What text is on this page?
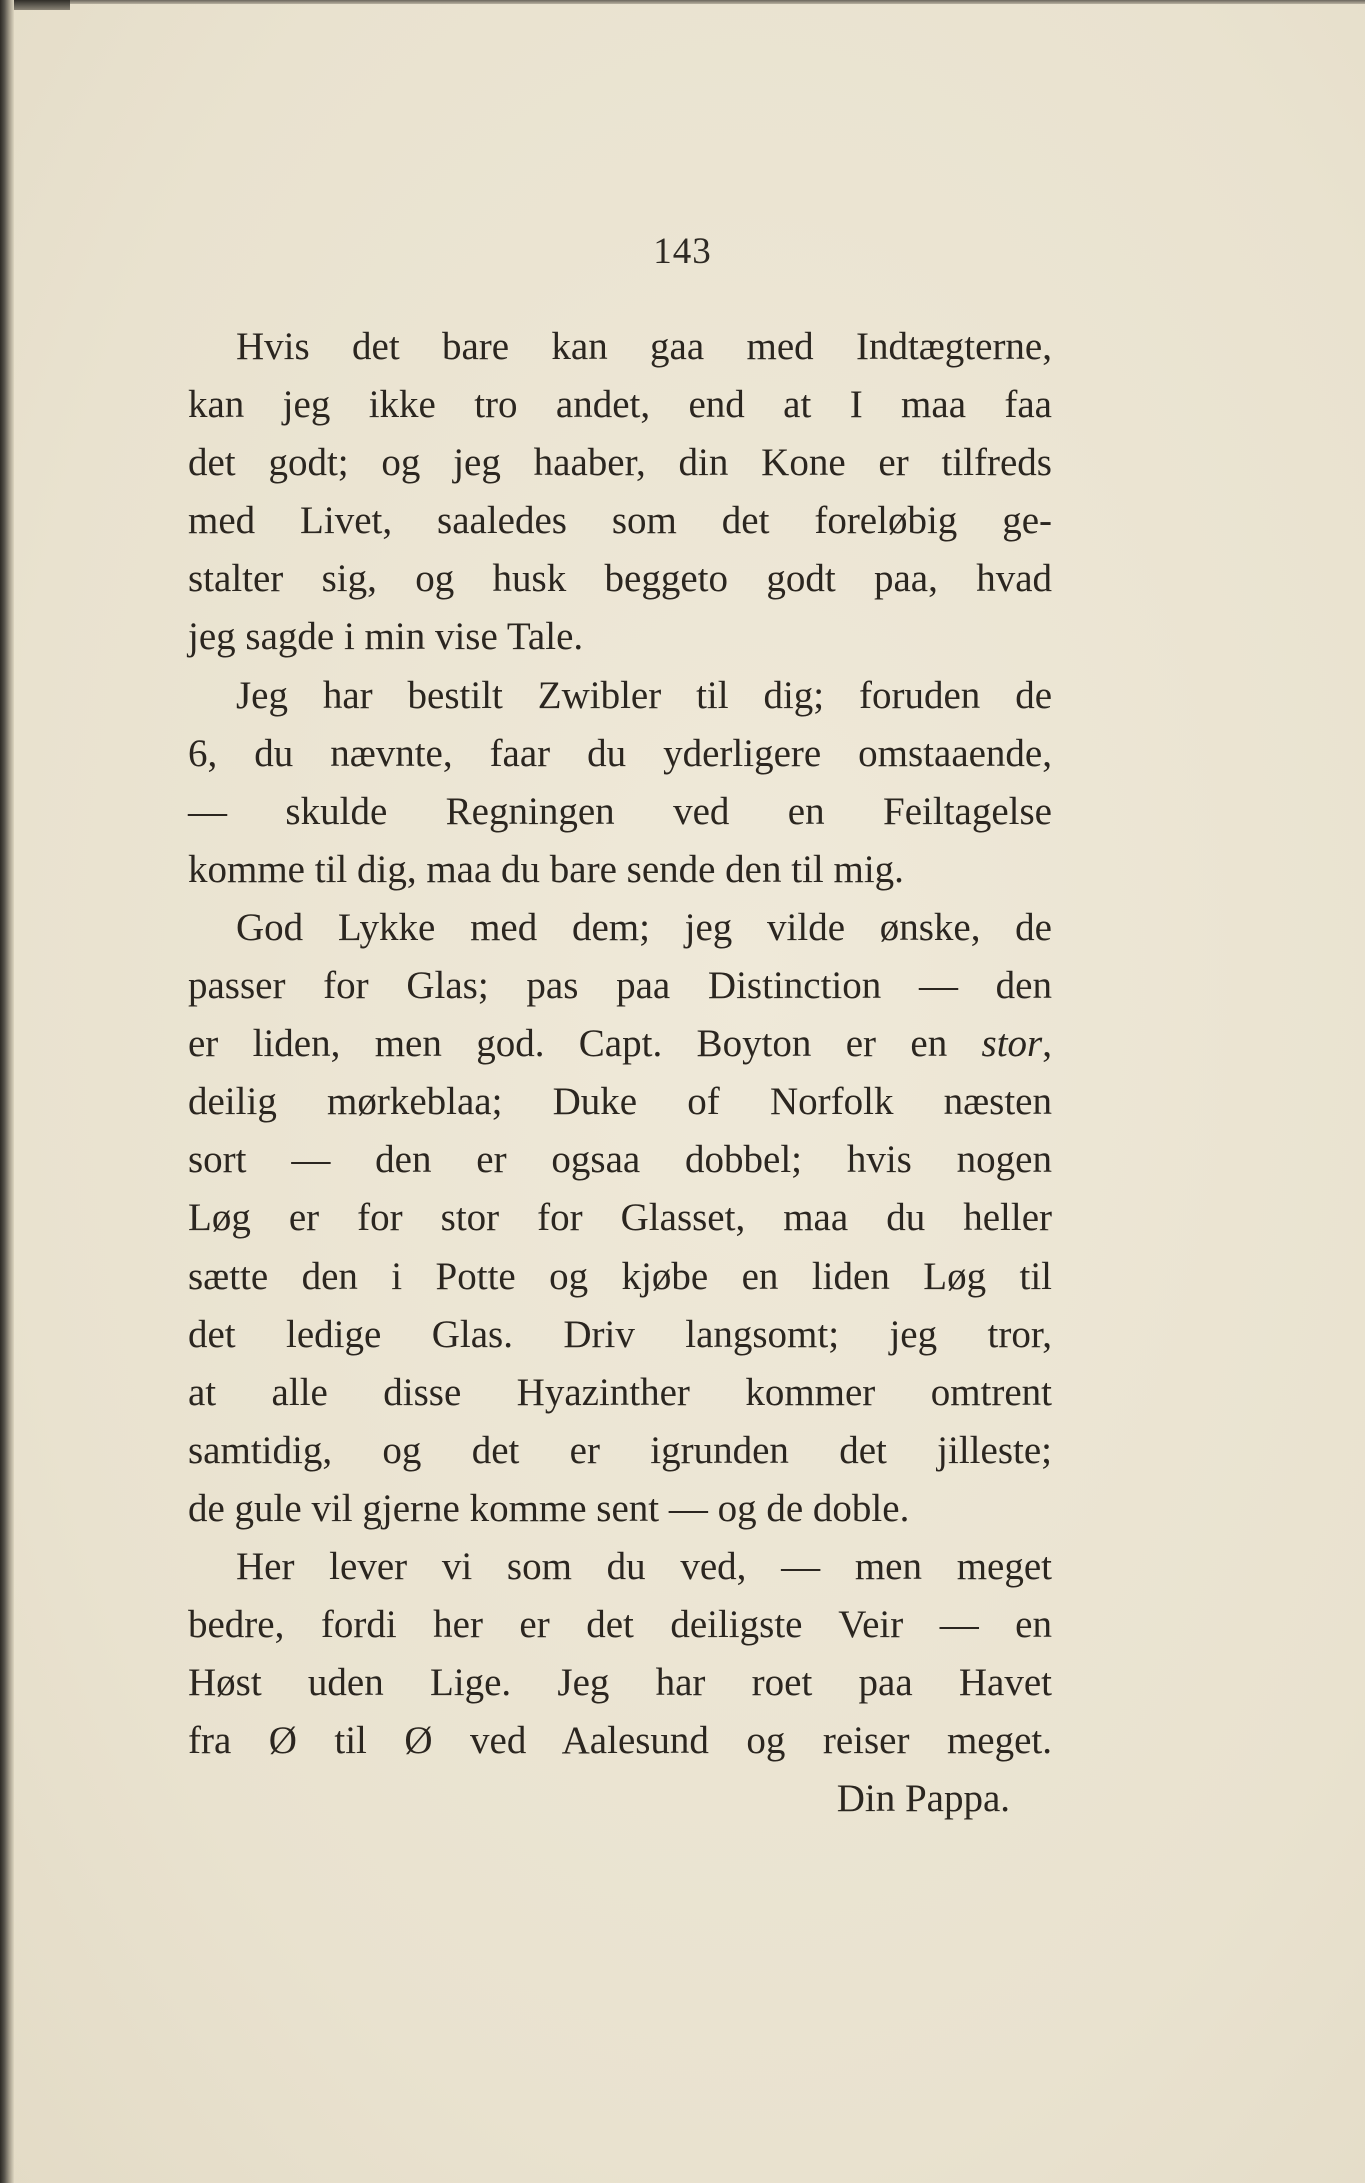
143
Hvis det bare kan gaa med Indtægterne,
kan jeg ikke tro andet, end at I maa faa
det godt; og jeg haaber, din Kone er tilfreds
med Livet, saaledes som det foreløbig ge-
stalter sig, og husk beggeto godt paa, hvad
jeg sagde i min vise Tale.
Jeg har bestilt Zwibler til dig; foruden de
6, du nævnte, faar du yderligere omstaaende,
— skulde Regningen ved en Feiltagelse
komme til dig, maa du bare sende den til mig.
God Lykke med dem; jeg vilde ønske, de
passer for Glas; pas paa Distinction — den
er liden, men god. Capt. Boyton er en stor,
deilig mørkeblaa; Duke of Norfolk næsten
sort — den er ogsaa dobbel; hvis nogen
Løg er for stor for Glasset, maa du heller
sætte den i Potte og kjøbe en liden Løg til
det ledige Glas. Driv langsomt; jeg tror,
at alle disse Hyazinther kommer omtrent
samtidig, og det er igrunden det jilleste;
de gule vil gjerne komme sent — og de doble.
Her lever vi som du ved, — men meget
bedre, fordi her er det deiligste Veir — en
Høst uden Lige. Jeg har roet paa Havet
fra Ø til Ø ved Aalesund og reiser meget.
Din Pappa.
